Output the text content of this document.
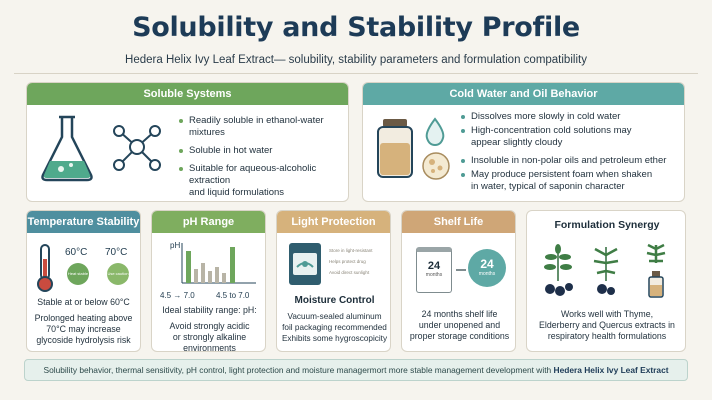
Solubility and Stability Profile
Hedera Helix Ivy Leaf Extract— solubility, stability parameters and formulation compatibility
Soluble Systems
Readily soluble in ethanol-water mixtures
Soluble in hot water
Suitable for aqueous-alcoholic extraction
and liquid formulations
Cold Water and Oil Behavior
Dissolves more slowly in cold water
High-concentration cold solutions may
appear slightly cloudy
Insoluble in non-polar oils and petroleum ether
May produce persistent foam when shaken
in water, typical of saponin character
Temperature Stability
60°C 70°C
Heat stable	Use caution
Stable at or below 60°C
Prolonged heating above
70°C may increase
glycoside hydrolysis risk
pH Range
pH
4.5 → 7.0	4.5 to 7.0
Ideal stability range: pH:
Avoid strongly acidic
or strongly alkaline
environments
Light Protection
Store in light-resistant
Helps protect drug
Avoid direct sunlight
Moisture Control
Vacuum-sealed aluminum
foil packaging recommended
Exhibits some hygroscopicity
Shelf Life
24
months
24
months
24 months shelf life
under unopened and
proper storage conditions
Formulation Synergy
Works well with Thyme,
Elderberry and Quercus extracts in
respiratory health formulations
Solubility behavior, thermal sensitivity, pH control, light protection and moisture managermort more stable management development with Hedera Helix Ivy Leaf Extract
